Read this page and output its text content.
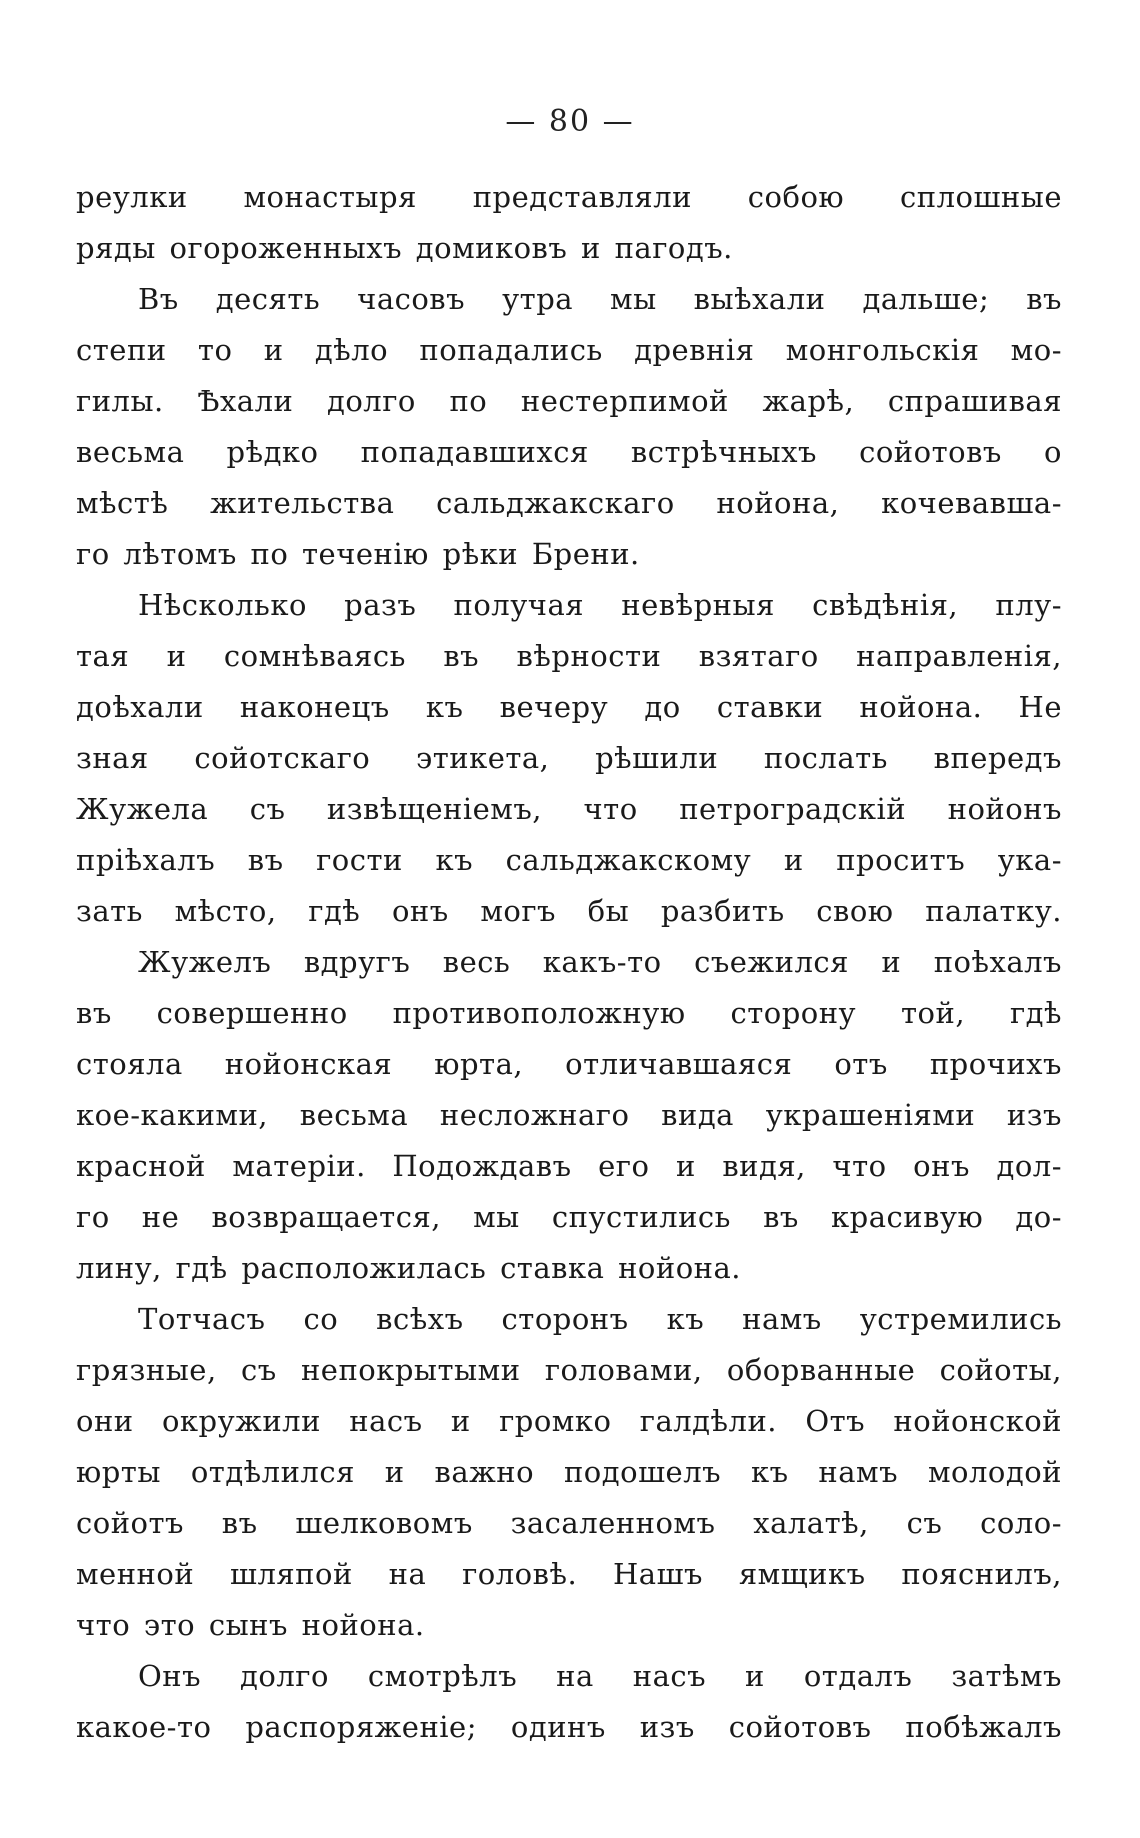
— 80 —
реулки монастыря представляли собою сплошные
ряды огороженныхъ домиковъ и пагодъ.
Въ десять часовъ утра мы выѣхали дальше; въ
степи то и дѣло попадались древнія монгольскія мо-
гилы. Ѣхали долго по нестерпимой жарѣ, спрашивая
весьма рѣдко попадавшихся встрѣчныхъ сойотовъ о
мѣстѣ жительства сальджакскаго нойона, кочевавша-
го лѣтомъ по теченію рѣки Брени.
Нѣсколько разъ получая невѣрныя свѣдѣнія, плу-
тая и сомнѣваясь въ вѣрности взятаго направленія,
доѣхали наконецъ къ вечеру до ставки нойона. Не
зная сойотскаго этикета, рѣшили послать впередъ
Жужела съ извѣщеніемъ, что петроградскій нойонъ
пріѣхалъ въ гости къ сальджакскому и проситъ ука-
зать мѣсто, гдѣ онъ могъ бы разбить свою палатку.
Жужелъ вдругъ весь какъ-то съежился и поѣхалъ
въ совершенно противоположную сторону той, гдѣ
стояла нойонская юрта, отличавшаяся отъ прочихъ
кое-какими, весьма несложнаго вида украшеніями изъ
красной матеріи. Подождавъ его и видя, что онъ дол-
го не возвращается, мы спустились въ красивую до-
лину, гдѣ расположилась ставка нойона.
Тотчасъ со всѣхъ сторонъ къ намъ устремились
грязные, съ непокрытыми головами, оборванные сойоты,
они окружили насъ и громко галдѣли. Отъ нойонской
юрты отдѣлился и важно подошелъ къ намъ молодой
сойотъ въ шелковомъ засаленномъ халатѣ, съ соло-
менной шляпой на головѣ. Нашъ ямщикъ пояснилъ,
что это сынъ нойона.
Онъ долго смотрѣлъ на насъ и отдалъ затѣмъ
какое-то распоряженіе; одинъ изъ сойотовъ побѣжалъ
